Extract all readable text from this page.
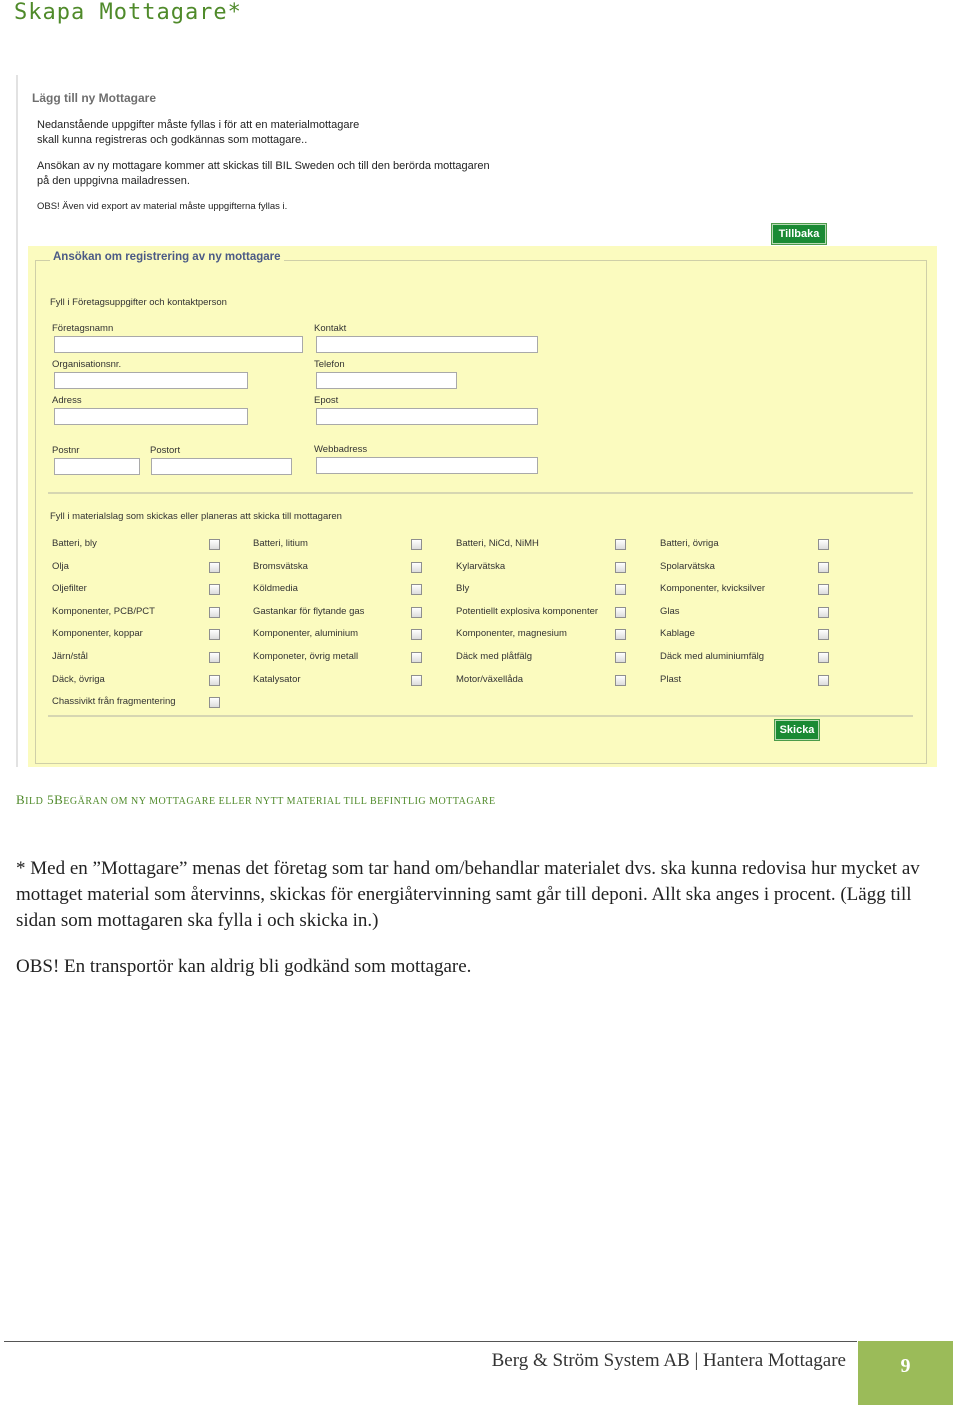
Skapa Mottagare*
Lägg till ny Mottagare
Nedanstående uppgifter måste fyllas i för att en materialmottagare
skall kunna registreras och godkännas som mottagare..
Ansökan av ny mottagare kommer att skickas till BIL Sweden och till den berörda mottagaren
på den uppgivna mailadressen.
OBS! Även vid export av material måste uppgifterna fyllas i.
Tillbaka
Ansökan om registrering av ny mottagare
Fyll i Företagsuppgifter och kontaktperson
Företagsnamn
Organisationsnr.
Adress
Postnr	Postort
Kontakt
Telefon
Epost
Webbadress
Fyll i materialslag som skickas eller planeras att skicka till mottagaren
Batteri, bly	Batteri, litium	Batteri, NiCd, NiMH	Batteri, övriga
Olja	Bromsvätska	Kylarvätska	Spolarvätska
Oljefilter	Köldmedia	Bly	Komponenter, kvicksilver
Komponenter, PCB/PCT	Gastankar för flytande gas	Potentiellt explosiva komponenter	Glas
Komponenter, koppar	Komponenter, aluminium	Komponenter, magnesium	Kablage
Järn/stål	Komponeter, övrig metall	Däck med plåtfälg	Däck med aluminiumfälg
Däck, övriga	Katalysator	Motor/växellåda	Plast
Chassivikt från fragmentering
Skicka
BILD 5BEGÄRAN OM NY MOTTAGARE ELLER NYTT MATERIAL TILL BEFINTLIG MOTTAGARE
* Med en ”Mottagare” menas det företag som tar hand om/behandlar materialet dvs. ska kunna redovisa hur mycket av mottaget material som återvinns, skickas för energiåtervinning samt går till deponi. Allt ska anges i procent. (Lägg till sidan som mottagaren ska fylla i och skicka in.)
OBS! En transportör kan aldrig bli godkänd som mottagare.
Berg & Ström System AB | Hantera Mottagare	9
